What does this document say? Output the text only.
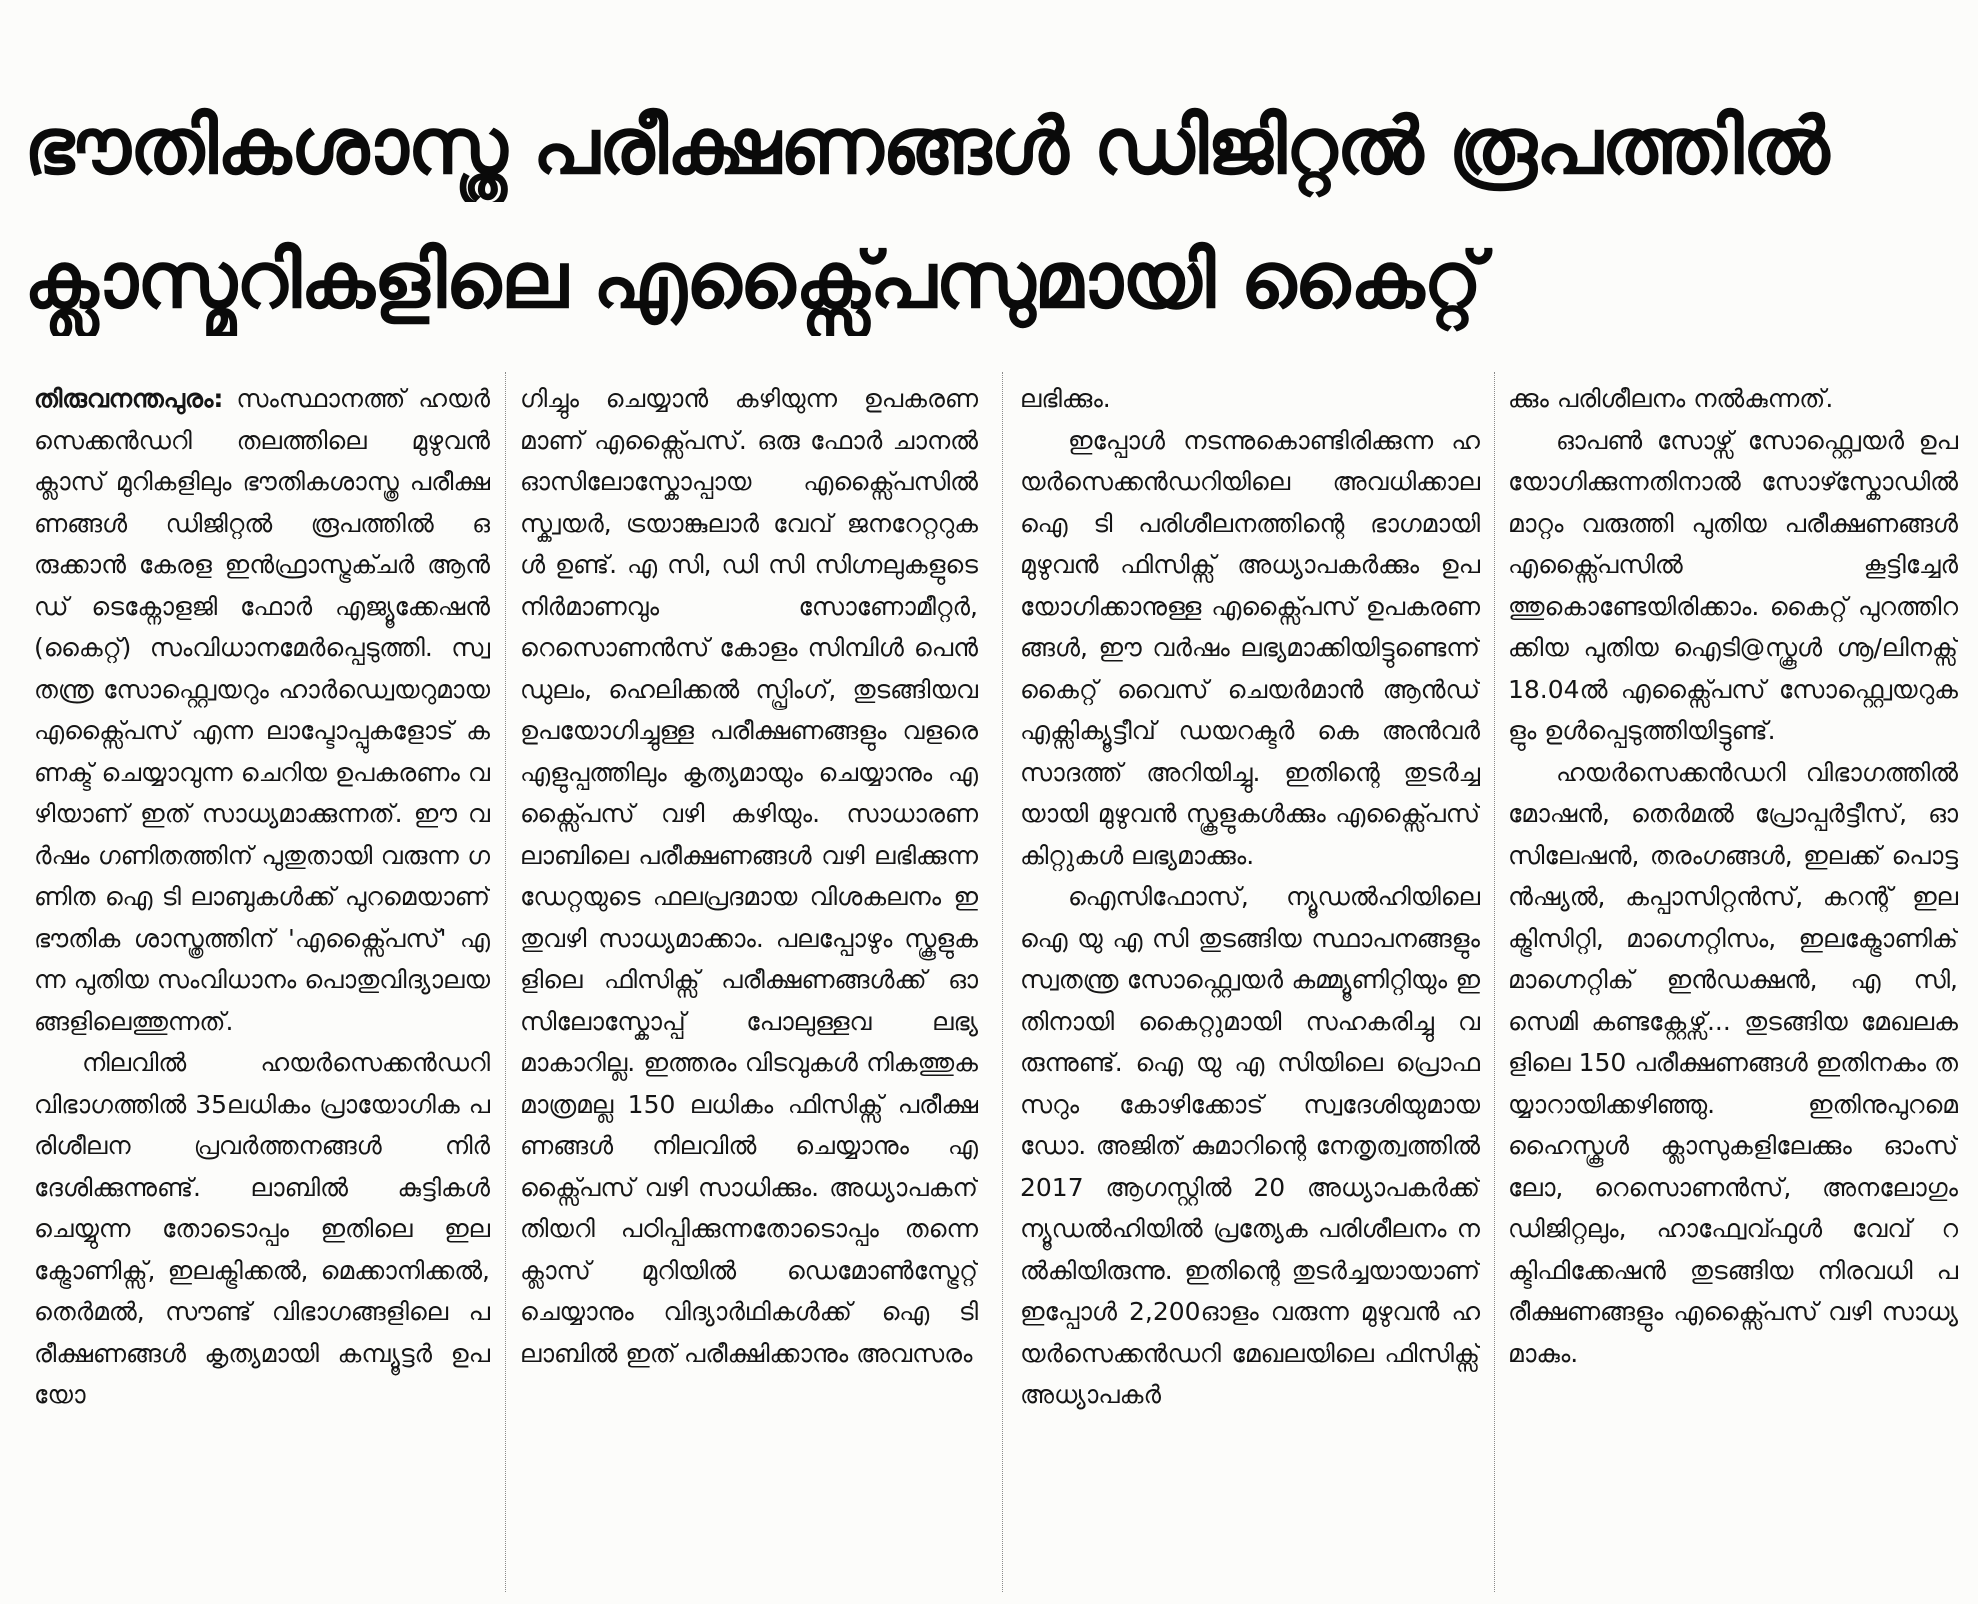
ഭൗതികശാസ്ത്ര പരീക്ഷണങ്ങൾ ഡിജിറ്റൽ രൂപത്തിൽ
ക്ലാസ്മുറികളിലെ എക്സ്പൈസുമായി കൈറ്റ്

തിരുവനന്തപുരം: സംസ്ഥാനത്ത് ഹയർസെക്കൻഡറി തലത്തിലെ മുഴുവൻ ക്ലാസ് മുറികളിലും ഭൗതികശാസ്ത്ര പരീക്ഷണങ്ങൾ ഡിജിറ്റൽ രൂപത്തിൽ ഒരുക്കാൻ കേരള ഇൻഫ്രാസ്ട്രക്ചർ ആൻഡ് ടെക്നോളജി ഫോർ എജ്യൂക്കേഷൻ (കൈറ്റ്) സംവിധാനമേർപ്പെടുത്തി. സ്വതന്ത്ര സോഫ്റ്റ്വെയറും ഹാർഡ്വെയറുമായ എക്സ്പൈസ് എന്ന ലാപ്ടോപ്പുകളോട് കണക്ട് ചെയ്യാവുന്ന ചെറിയ ഉപകരണം വഴിയാണ് ഇത് സാധ്യമാക്കുന്നത്. ഈ വർഷം ഗണിതത്തിന് പുതുതായി വരുന്ന ഗണിത ഐ ടി ലാബുകൾക്ക് പുറമെയാണ് ഭൗതിക ശാസ്ത്രത്തിന് 'എക്സ്പൈസ്' എന്ന പുതിയ സംവിധാനം പൊതുവിദ്യാലയങ്ങളിലെത്തുന്നത്.

നിലവിൽ ഹയർസെക്കൻഡറി വിഭാഗത്തിൽ 35ലധികം പ്രായോഗിക പരിശീലന പ്രവർത്തനങ്ങൾ നിർദേശിക്കുന്നുണ്ട്. ലാബിൽ കുട്ടികൾ ചെയ്യുന്ന തോടൊപ്പം ഇതിലെ ഇലക്ട്രോണിക്സ്, ഇലക്ട്രിക്കൽ, മെക്കാനിക്കൽ, തെർമൽ, സൗണ്ട് വിഭാഗങ്ങളിലെ പരീക്ഷണങ്ങൾ കൃത്യമായി കമ്പ്യൂട്ടർ ഉപയോ

ഗിച്ചും ചെയ്യാൻ കഴിയുന്ന ഉപകരണമാണ് എക്സ്പൈസ്. ഒരു ഫോർ ചാനൽ ഓസിലോസ്കോപ്പായ എക്സ്പൈസിൽ സ്ക്വയർ, ട്രയാങ്കുലാർ വേവ് ജനറേറ്ററുകൾ ഉണ്ട്. എ സി, ഡി സി സിഗ്നലുകളുടെ നിർമാണവും സോണോമീറ്റർ, റെസൊണൻസ് കോളം സിമ്പിൾ പെൻഡുലം, ഹെലിക്കൽ സ്പ്രിംഗ്, തുടങ്ങിയവ ഉപയോഗിച്ചുള്ള പരീക്ഷണങ്ങളും വളരെ എളുപ്പത്തിലും കൃത്യമായും ചെയ്യാനും എക്സ്പൈസ് വഴി കഴിയും. സാധാരണ ലാബിലെ പരീക്ഷണങ്ങൾ വഴി ലഭിക്കുന്ന ഡേറ്റയുടെ ഫലപ്രദമായ വിശകലനം ഇതുവഴി സാധ്യമാക്കാം. പലപ്പോഴും സ്കൂളുകളിലെ ഫിസിക്സ് പരീക്ഷണങ്ങൾക്ക് ഓസിലോസ്കോപ്പ് പോലുള്ളവ ലഭ്യമാകാറില്ല. ഇത്തരം വിടവുകൾ നികത്തുക മാത്രമല്ല 150 ലധികം ഫിസിക്സ് പരീക്ഷണങ്ങൾ നിലവിൽ ചെയ്യാനും എക്സ്പൈസ് വഴി സാധിക്കും. അധ്യാപകന് തിയറി പഠിപ്പിക്കുന്നതോടൊപ്പം തന്നെ ക്ലാസ് മുറിയിൽ ഡെമോൺസ്ട്രേറ്റ് ചെയ്യാനും വിദ്യാർഥികൾക്ക് ഐ ടി ലാബിൽ ഇത് പരീക്ഷിക്കാനും അവസരം

ലഭിക്കും.

ഇപ്പോൾ നടന്നുകൊണ്ടിരിക്കുന്ന ഹയർസെക്കൻഡറിയിലെ അവധിക്കാല ഐ ടി പരിശീലനത്തിന്റെ ഭാഗമായി മുഴുവൻ ഫിസിക്സ് അധ്യാപകർക്കും ഉപയോഗിക്കാനുള്ള എക്സ്പൈസ് ഉപകരണങ്ങൾ, ഈ വർഷം ലഭ്യമാക്കിയിട്ടുണ്ടെന്ന് കൈറ്റ് വൈസ് ചെയർമാൻ ആൻഡ് എക്സിക്യൂട്ടീവ് ഡയറക്ടർ കെ അൻവർ സാദത്ത് അറിയിച്ചു. ഇതിന്റെ തുടർച്ചയായി മുഴുവൻ സ്കൂളുകൾക്കും എക്സ്പൈസ് കിറ്റുകൾ ലഭ്യമാക്കും.

ഐസിഫോസ്, ന്യൂഡൽഹിയിലെ ഐ യു എ സി തുടങ്ങിയ സ്ഥാപനങ്ങളും സ്വതന്ത്ര സോഫ്റ്റ്വെയർ കമ്മ്യൂണിറ്റിയും ഇതിനായി കൈറ്റുമായി സഹകരിച്ചു വരുന്നുണ്ട്. ഐ യു എ സിയിലെ പ്രൊഫസറും കോഴിക്കോട് സ്വദേശിയുമായ ഡോ. അജിത് കുമാറിന്റെ നേതൃത്വത്തിൽ 2017 ആഗസ്റ്റിൽ 20 അധ്യാപകർക്ക് ന്യൂഡൽഹിയിൽ പ്രത്യേക പരിശീലനം നൽകിയിരുന്നു. ഇതിന്റെ തുടർച്ചയായാണ് ഇപ്പോൾ 2,200ഓളം വരുന്ന മുഴുവൻ ഹയർസെക്കൻഡറി മേഖലയിലെ ഫിസിക്സ് അധ്യാപകർ

ക്കും പരിശീലനം നൽകുന്നത്.

ഓപൺ സോഴ്സ് സോഫ്റ്റ്വെയർ ഉപയോഗിക്കുന്നതിനാൽ സോഴ്സ്കോഡിൽ മാറ്റം വരുത്തി പുതിയ പരീക്ഷണങ്ങൾ എക്സ്പൈസിൽ കൂട്ടിച്ചേർത്തുകൊണ്ടേയിരിക്കാം. കൈറ്റ് പുറത്തിറക്കിയ പുതിയ ഐടി@സ്കൂൾ ഗ്നൂ/ലിനക്സ് 18.04ൽ എക്സ്പൈസ് സോഫ്റ്റ്വെയറുകളും ഉൾപ്പെടുത്തിയിട്ടുണ്ട്.

ഹയർസെക്കൻഡറി വിഭാഗത്തിൽ മോഷൻ, തെർമൽ പ്രോപ്പർട്ടീസ്, ഓസിലേഷൻ, തരംഗങ്ങൾ, ഇലക്ക് പൊട്ടൻഷ്യൽ, കപ്പാസിറ്റൻസ്, കറന്റ് ഇലക്ട്രിസിറ്റി, മാഗ്നെറ്റിസം, ഇലക്ട്രോണിക് മാഗ്നെറ്റിക് ഇൻഡക്ഷൻ, എ സി, സെമി കണ്ടക്റ്റേഴ്സ്... തുടങ്ങിയ മേഖലകളിലെ 150 പരീക്ഷണങ്ങൾ ഇതിനകം തയ്യാറായിക്കഴിഞ്ഞു. ഇതിനുപുറമെ ഹൈസ്കൂൾ ക്ലാസുകളിലേക്കും ഓംസ് ലോ, റെസൊണൻസ്, അനലോഗും ഡിജിറ്റലും, ഹാഫ്വേവ്ഫുൾ വേവ് റക്ടിഫിക്കേഷൻ തുടങ്ങിയ നിരവധി പരീക്ഷണങ്ങളും എക്സ്പൈസ് വഴി സാധ്യമാകും.
